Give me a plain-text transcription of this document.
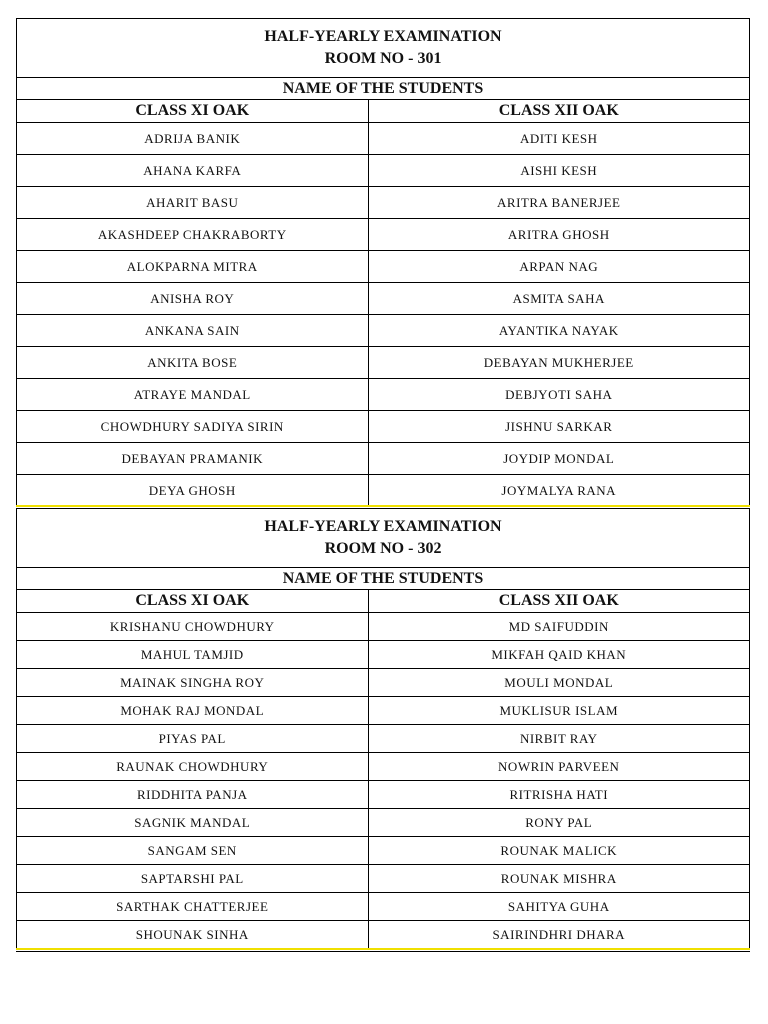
HALF-YEARLY EXAMINATION
ROOM NO - 301
NAME OF THE STUDENTS
CLASS XI OAK	CLASS XII OAK
ADRIJA BANIK	ADITI KESH
AHANA KARFA	AISHI KESH
AHARIT BASU	ARITRA BANERJEE
AKASHDEEP CHAKRABORTY	ARITRA GHOSH
ALOKPARNA MITRA	ARPAN NAG
ANISHA ROY	ASMITA SAHA
ANKANA SAIN	AYANTIKA NAYAK
ANKITA BOSE	DEBAYAN MUKHERJEE
ATRAYE MANDAL	DEBJYOTI SAHA
CHOWDHURY SADIYA SIRIN	JISHNU SARKAR
DEBAYAN PRAMANIK	JOYDIP MONDAL
DEYA GHOSH	JOYMALYA RANA
HALF-YEARLY EXAMINATION
ROOM NO - 302
NAME OF THE STUDENTS
CLASS XI OAK	CLASS XII OAK
KRISHANU CHOWDHURY	MD SAIFUDDIN
MAHUL TAMJID	MIKFAH QAID KHAN
MAINAK SINGHA ROY	MOULI MONDAL
MOHAK RAJ MONDAL	MUKLISUR ISLAM
PIYAS PAL	NIRBIT RAY
RAUNAK CHOWDHURY	NOWRIN PARVEEN
RIDDHITA PANJA	RITRISHA HATI
SAGNIK MANDAL	RONY PAL
SANGAM SEN	ROUNAK MALICK
SAPTARSHI PAL	ROUNAK MISHRA
SARTHAK CHATTERJEE	SAHITYA GUHA
SHOUNAK SINHA	SAIRINDHRI DHARA
